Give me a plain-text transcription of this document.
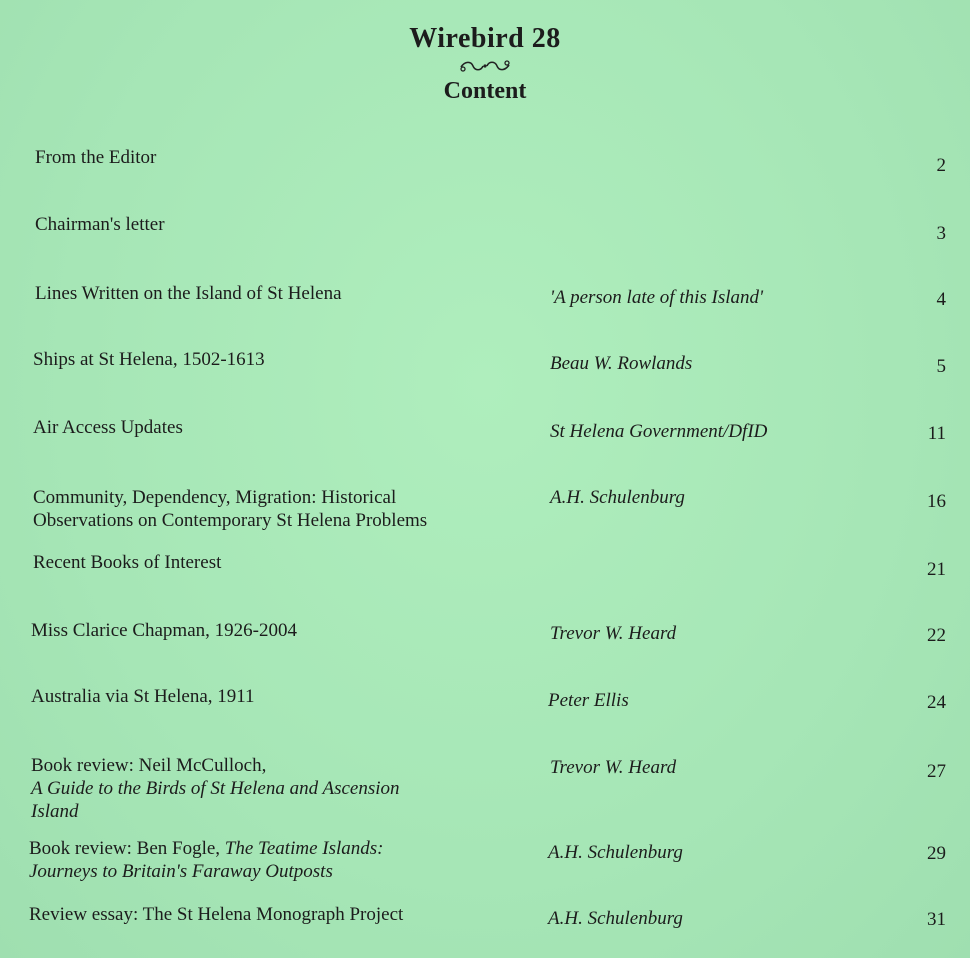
Wirebird 28
Content
From the Editor	2
Chairman's letter	3
Lines Written on the Island of St Helena	'A person late of this Island'	4
Ships at St Helena, 1502-1613	Beau W. Rowlands	5
Air Access Updates	St Helena Government/DfID	11
Community, Dependency, Migration: Historical
Observations on Contemporary St Helena Problems
A.H. Schulenburg	16
Recent Books of Interest	21
Miss Clarice Chapman, 1926-2004	Trevor W. Heard	22
Australia via St Helena, 1911	Peter Ellis	24
Book review: Neil McCulloch,
A Guide to the Birds of St Helena and Ascension
Island
Trevor W. Heard	27
Book review: Ben Fogle, The Teatime Islands:
Journeys to Britain's Faraway Outposts
A.H. Schulenburg	29
Review essay: The St Helena Monograph Project	A.H. Schulenburg	31
